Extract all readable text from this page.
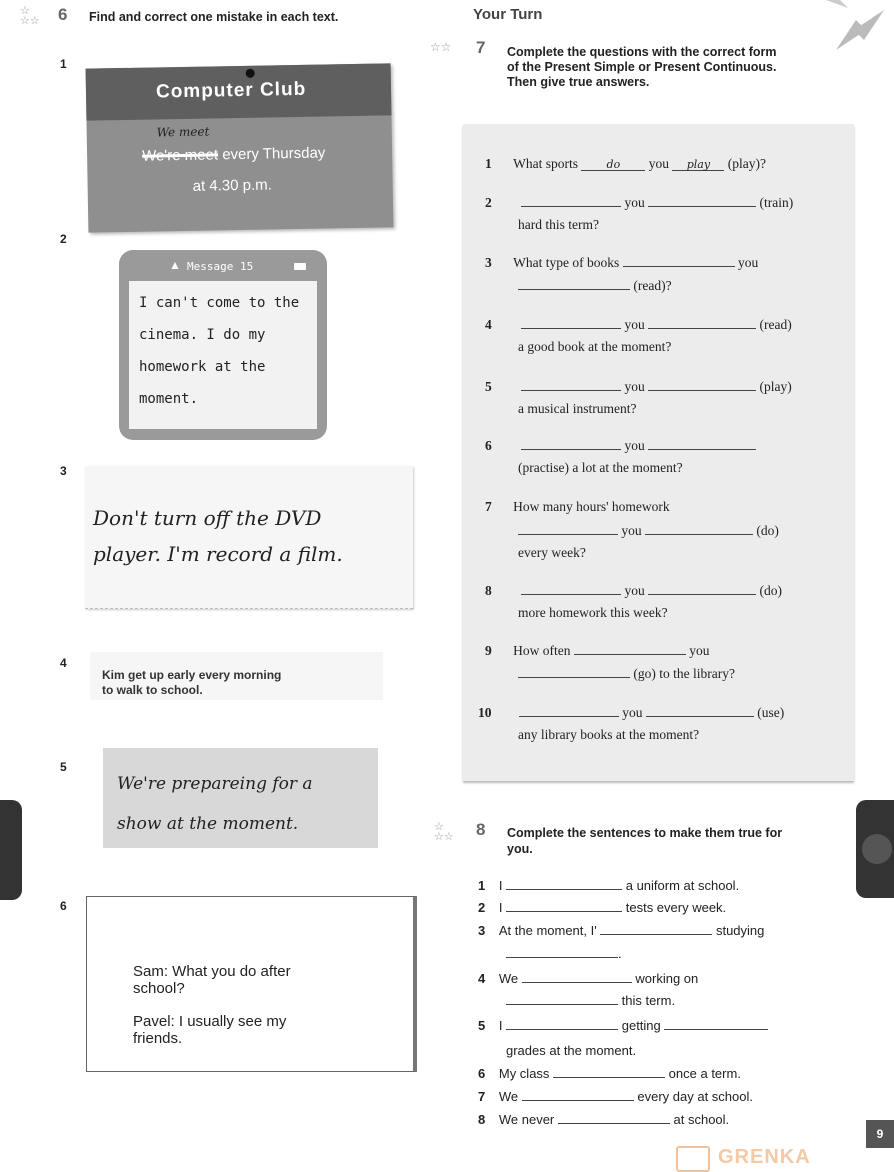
☆
☆☆ 6 Find and correct one mistake in each text.
1
Computer Club
We meet
We're meet every Thursday
at 4.30 p.m.
2
▲ Message 15
I can't come to the
cinema. I do my
homework at the
moment.
3
Don't turn off the DVD
player. I'm record a film.
4
Kim get up early every morning
to walk to school.
5
We're prepareing for a
show at the moment.
6
Sam: What you do after
school?
Pavel: I usually see my
friends.
Your Turn
☆☆ 7 Complete the questions with the correct form
of the Present Simple or Present Continuous.
Then give true answers.
1 What sports	do you play (play)?
2	you	(train)
hard this term?
3 What type of books	you
(read)?
4	you	(read)
a good book at the moment?
5	you	(play)
a musical instrument?
6	you
(practise) a lot at the moment?
7 How many hours' homework
you	(do)
every week?
8	you	(do)
more homework this week?
9 How often	you
(go) to the library?
10	you	(use)
any library books at the moment?
☆
☆☆ 8 Complete the sentences to make them true for
you.
1 I	a uniform at school.
2 I	tests every week.
3 At the moment, I'	studying
.
4 We	working on
this term.
5 I	getting
grades at the moment.
6 My class	once a term.
7 We	every day at school.
8 We never	at school.
9
GRENKA
